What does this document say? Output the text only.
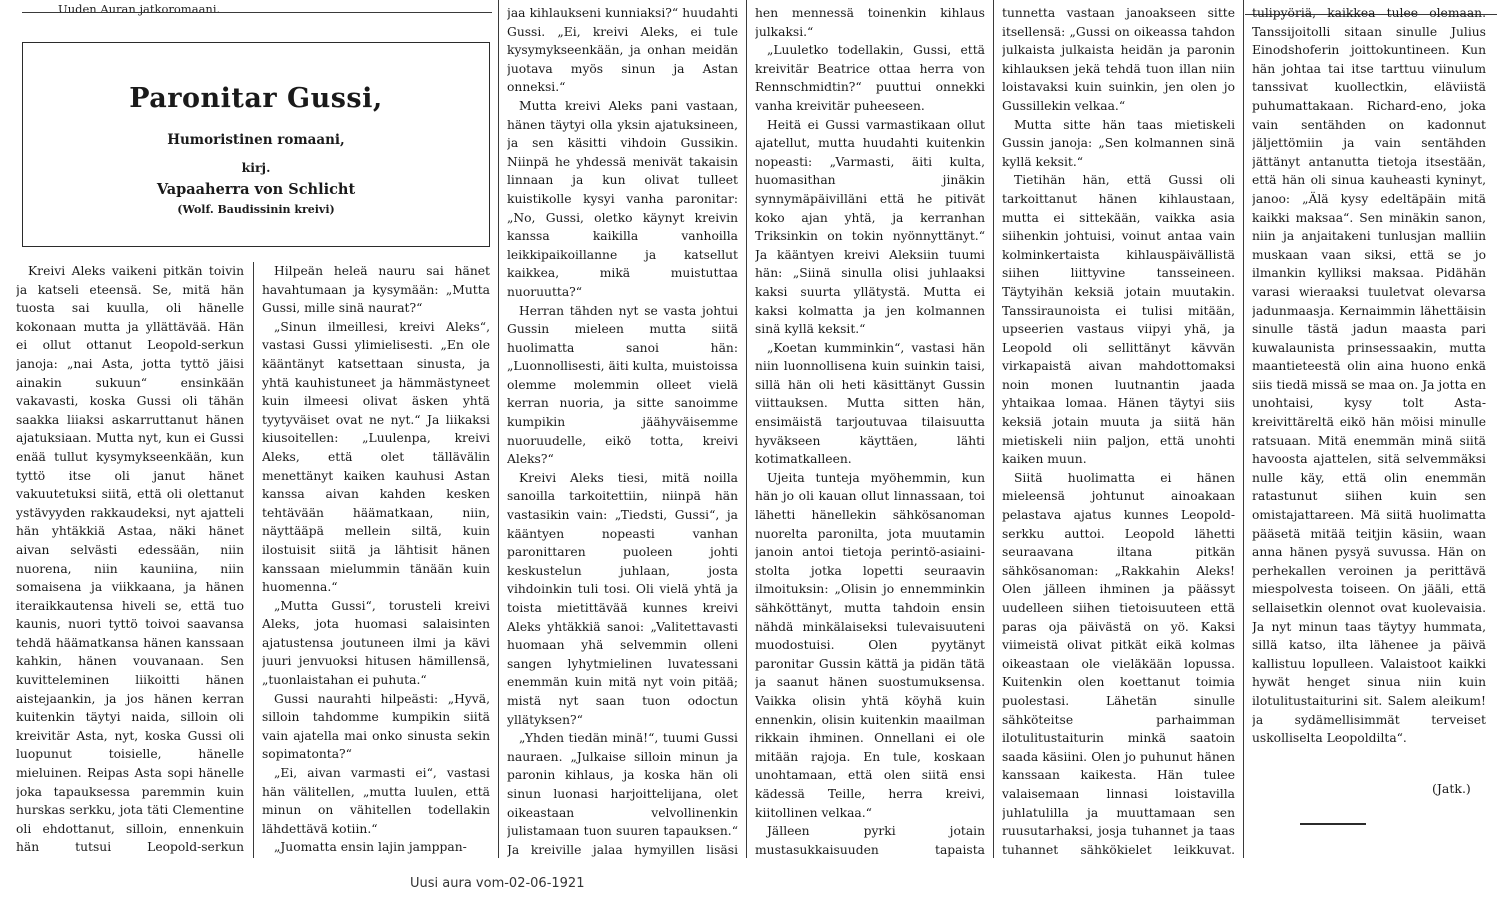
Uuden Auran jatkoromaani.
Paronitar Gussi,
Humoristinen romaani,
kirj.
Vapaaherra von Schlicht
(Wolf. Baudissinin kreivi)

Kreivi Aleks vaikeni pitkän toivin ja katseli eteensä. Se, mitä hän tuosta sai kuulla, oli hänelle kokonaan mutta ja yllättävää. Hän ei ollut ottanut Leopold-serkun janoja: „nai Asta, jotta tyttö jäisi ainakin sukuun“ ensinkään vakavasti, koska Gussi oli tähän saakka liiaksi askarruttanut hänen ajatuksiaan. Mutta nyt, kun ei Gussi enää tullut kysymykseenkään, kun tyttö itse oli janut hänet vakuutetuksi siitä, että oli olettanut ystävyyden rakkaudeksi, nyt ajatteli hän yhtäkkiä Astaa, näki hänet aivan selvästi edessään, niin nuorena, niin kauniina, niin somaisena ja viikkaana, ja hänen iteraikkautensa hiveli se, että tuo kaunis, nuori tyttö toivoi saavansa tehdä häämatkansa hänen kanssaan kahkin, hänen vouvanaan. Sen kuvitteleminen liikoitti hänen aistejaankin, ja jos hänen kerran kuitenkin täytyi naida, silloin oli kreivitär Asta, nyt, koska Gussi oli luopunut toisielle, hänelle mieluinen. Reipas Asta sopi hänelle joka tapauksessa paremmin kuin hurskas serkku, jota täti Clementine oli ehdottanut, silloin, ennenkuin hän tutsui Leopold-serkun

Hilpeän heleä nauru sai hänet havahtumaan ja kysymään: „Mutta Gussi, mille sinä naurat?“

„Sinun ilmeillesi, kreivi Aleks“, vastasi Gussi ylimielisesti. „En ole kääntänyt katsettaan sinusta, ja yhtä kauhistuneet ja hämmästyneet kuin ilmeesi olivat äsken yhtä tyytyväiset ovat ne nyt.“ Ja liikaksi kiusoitellen: „Luulenpa, kreivi Aleks, että olet tällävälin menettänyt kaiken kauhusi Astan kanssa aivan kahden kesken tehtävään häämatkaan, niin, näyttääpä mellein siltä, kuin ilostuisit siitä ja lähtisit hänen kanssaan mielummin tänään kuin huomenna.“

„Mutta Gussi“, torusteli kreivi Aleks, jota huomasi salaisinten ajatustensa joutuneen ilmi ja kävi juuri jenvuoksi hitusen hämillensä, „tuonlaistahan ei puhuta.“

Gussi naurahti hilpeästi: „Hyvä, silloin tahdomme kumpikin siitä vain ajatella mai onko sinusta sekin sopimatonta?“

„Ei, aivan varmasti ei“, vastasi hän välitellen, „mutta luulen, että minun on vähitellen todellakin lähdettävä kotiin.“

„Juomatta ensin lajin jamppan-

jaa kihlaukseni kunniaksi?“ huudahti Gussi. „Ei, kreivi Aleks, ei tule kysymykseenkään, ja onhan meidän juotava myös sinun ja Astan onneksi.“

Mutta kreivi Aleks pani vastaan, hänen täytyi olla yksin ajatuksineen, ja sen käsitti vihdoin Gussikin. Niinpä he yhdessä menivät takaisin linnaan ja kun olivat tulleet kuistikolle kysyi vanha paronitar: „No, Gussi, oletko käynyt kreivin kanssa kaikilla vanhoilla leikkipaikoillanne ja katsellut kaikkea, mikä muistuttaa nuoruutta?“

Herran tähden nyt se vasta johtui Gussin mieleen mutta siitä huolimatta sanoi hän: „Luonnollisesti, äiti kulta, muistoissa olemme molemmin olleet vielä kerran nuoria, ja sitte sanoimme kumpikin jäähyväisemme nuoruudelle, eikö totta, kreivi Aleks?“

Kreivi Aleks tiesi, mitä noilla sanoilla tarkoitettiin, niinpä hän vastasikin vain: „Tiedsti, Gussi“, ja kääntyen nopeasti vanhan paronittaren puoleen johti keskustelun juhlaan, josta vihdoinkin tuli tosi. Oli vielä yhtä ja toista mietittävää kunnes kreivi Aleks yhtäkkiä sanoi: „Valitettavasti huomaan yhä selvemmin olleni sangen lyhytmielinen luvatessani enemmän kuin mitä nyt voin pitää; mistä nyt saan tuon odoctun yllätyksen?“

„Yhden tiedän minä!“, tuumi Gussi nauraen. „Julkaise silloin minun ja paronin kihlaus, ja koska hän oli sinun luonasi harjoittelijana, olet oikeastaan velvollinenkin julistamaan tuon suuren tapauksen.“ Ja kreiville jalaa hymyillen lisäsi

hen mennessä toinenkin kihlaus julkaksi.“

„Luuletko todellakin, Gussi, että kreivitär Beatrice ottaa herra von Rennschmidtin?“ puuttui onnekki vanha kreivitär puheeseen.

Heitä ei Gussi varmastikaan ollut ajatellut, mutta huudahti kuitenkin nopeasti: „Varmasti, äiti kulta, huomasithan jinäkin synnymäpäivilläni että he pitivät koko ajan yhtä, ja kerranhan Triksinkin on tokin nyönnyttänyt.“ Ja kääntyen kreivi Aleksiin tuumi hän: „Siinä sinulla olisi juhlaaksi kaksi suurta yllätystä. Mutta ei kaksi kolmatta ja jen kolmannen sinä kyllä keksit.“

„Koetan kumminkin“, vastasi hän niin luonnollisena kuin suinkin taisi, sillä hän oli heti käsittänyt Gussin viittauksen. Mutta sitten hän, ensimäistä tarjoutuvaa tilaisuutta hyväkseen käyttäen, lähti kotimatkalleen.

Ujeita tunteja myöhemmin, kun hän jo oli kauan ollut linnassaan, toi lähetti hänellekin sähkösanoman nuorelta paronilta, jota muutamin janoin antoi tietoja perintö-asiaini-stolta jotka lopetti seuraavin ilmoituksin: „Olisin jo ennemminkin sähköttänyt, mutta tahdoin ensin nähdä minkälaiseksi tulevaisuuteni muodostuisi. Olen pyytänyt paronitar Gussin kättä ja pidän tätä ja saanut hänen suostumuksensa. Vaikka olisin yhtä köyhä kuin ennenkin, olisin kuitenkin maailman rikkain ihminen. Onnellani ei ole mitään rajoja. En tule, koskaan unohtamaan, että olen siitä ensi kädessä Teille, herra kreivi, kiitollinen velkaa.“

Jälleen pyrki jotain mustasukkaisuuden tapaista

tunnetta vastaan janoakseen sitte itsellensä: „Gussi on oikeassa tahdon julkaista julkaista heidän ja paronin kihlauksen jekä tehdä tuon illan niin loistavaksi kuin suinkin, jen olen jo Gussillekin velkaa.“

Mutta sitte hän taas mietiskeli Gussin janoja: „Sen kolmannen sinä kyllä keksit.“

Tietihän hän, että Gussi oli tarkoittanut hänen kihlaustaan, mutta ei sittekään, vaikka asia siihenkin johtuisi, voinut antaa vain kolminkertaista kihlauspäivällistä siihen liittyvine tansseineen. Täytyihän keksiä jotain muutakin. Tanssiraunoista ei tulisi mitään, upseerien vastaus viipyi yhä, ja Leopold oli sellittänyt kävvän virkapaistä aivan mahdottomaksi noin monen luutnantin jaada yhtaikaa lomaa. Hänen täytyi siis keksiä jotain muuta ja siitä hän mietiskeli niin paljon, että unohti kaiken muun.

Siitä huolimatta ei hänen mieleensä johtunut ainoakaan pelastava ajatus kunnes Leopold-serkku auttoi. Leopold lähetti seuraavana iltana pitkän sähkösanoman: „Rakkahin Aleks! Olen jälleen ihminen ja päässyt uudelleen siihen tietoisuuteen että paras oja päivästä on yö. Kaksi viimeistä olivat pitkät eikä kolmas oikeastaan ole vieläkään lopussa. Kuitenkin olen koettanut toimia puolestasi. Lähetän sinulle sähköteitse parhaimman ilotulitustaiturin minkä saatoin saada käsiini. Olen jo puhunut hänen kanssaan kaikesta. Hän tulee valaisemaan linnasi loistavilla juhlatulilla ja muuttamaan sen ruusutarhaksi, josja tuhannet ja taas tuhannet sähkökielet leikkuvat.

tulipyöriä, kaikkea tulee olemaan. Tanssijoitolli sitaan sinulle Julius Einodshoferin joittokuntineen. Kun hän johtaa tai itse tarttuu viinulum tanssivat kuollectkin, eläviistä puhumattakaan. Richard-eno, joka vain sentähden on kadonnut jäljettömiin ja vain sentähden jättänyt antanutta tietoja itsestään, että hän oli sinua kauheasti kyninyt, janoo: „Älä kysy edeltäpäin mitä kaikki maksaa“. Sen minäkin sanon, niin ja anjaitakeni tunlusjan malliin muskaan vaan siksi, että se jo ilmankin kylliksi maksaa. Pidähän varasi wieraaksi tuuletvat olevarsa jadunmaasja. Kernaimmin lähettäisin sinulle tästä jadun maasta pari kuwalaunista prinsessaakin, mutta maantieteestä olin aina huono enkä siis tiedä missä se maa on. Ja jotta en unohtaisi, kysy tolt Asta-kreivittäreltä eikö hän möisi minulle ratsuaan. Mitä enemmän minä siitä havoosta ajattelen, sitä selvemmäksi nulle käy, että olin enemmän ratastunut siihen kuin sen omistajattareen. Mä siitä huolimatta pääsetä mitää teitjin käsiin, waan anna hänen pysyä suvussa. Hän on perhekallen veroinen ja perittävä miespolvesta toiseen. On jääli, että sellaisetkin olennot ovat kuolevaisia. Ja nyt minun taas täytyy hummata, sillä katso, ilta lähenee ja päivä kallistuu lopulleen. Valaistoot kaikki hywät henget sinua niin kuin ilotulitustaiturini sit. Salem aleikum! ja sydämellisimmät terveiset uskolliselta Leopoldilta“.

(Jatk.)
Uusi aura vom-02-06-1921
